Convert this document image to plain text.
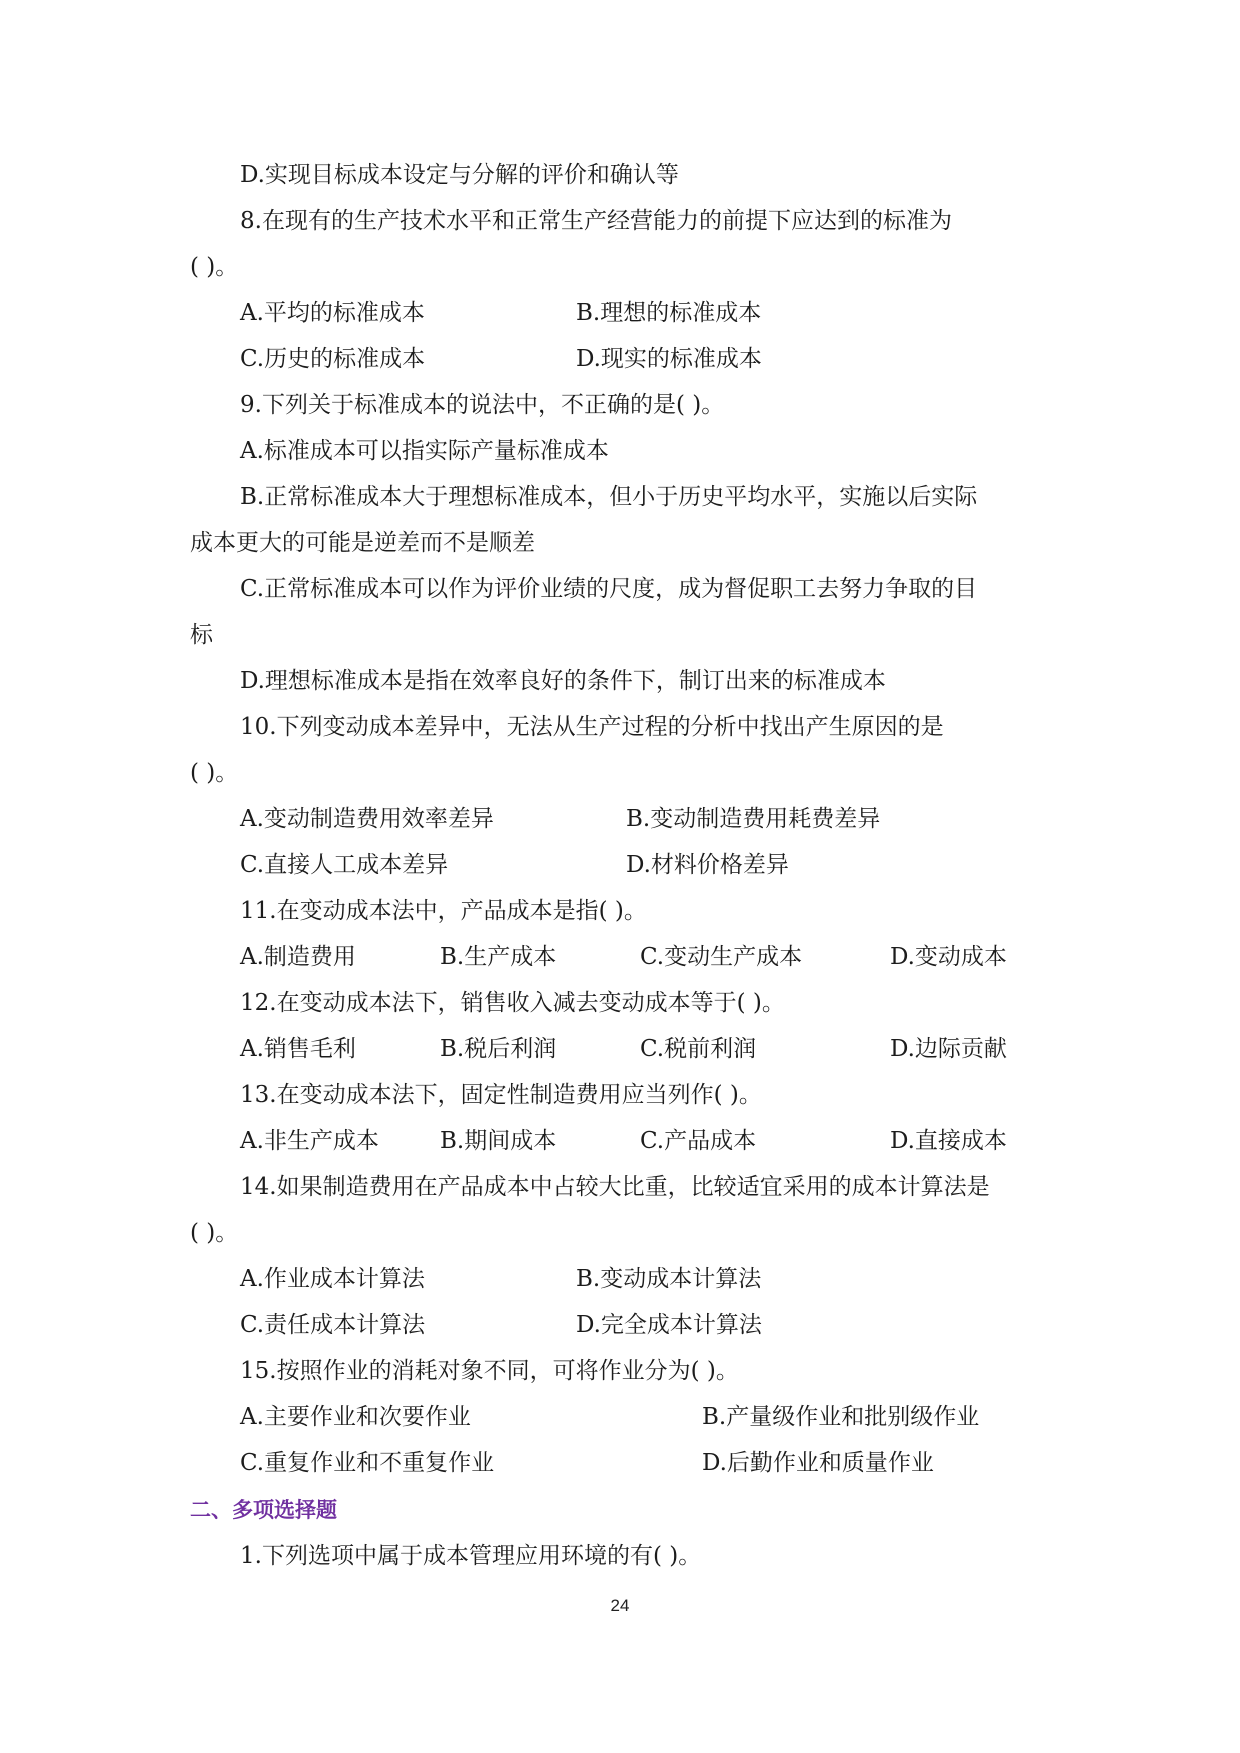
D.实现目标成本设定与分解的评价和确认等
8.在现有的生产技术水平和正常生产经营能力的前提下应达到的标准为
( )。
A.平均的标准成本	B.理想的标准成本
C.历史的标准成本	D.现实的标准成本
9.下列关于标准成本的说法中，不正确的是( )。
A.标准成本可以指实际产量标准成本
B.正常标准成本大于理想标准成本，但小于历史平均水平，实施以后实际
成本更大的可能是逆差而不是顺差
C.正常标准成本可以作为评价业绩的尺度，成为督促职工去努力争取的目
标
D.理想标准成本是指在效率良好的条件下，制订出来的标准成本
10.下列变动成本差异中，无法从生产过程的分析中找出产生原因的是
( )。
A.变动制造费用效率差异	B.变动制造费用耗费差异
C.直接人工成本差异	D.材料价格差异
11.在变动成本法中，产品成本是指( )。
A.制造费用	B.生产成本	C.变动生产成本	D.变动成本
12.在变动成本法下，销售收入减去变动成本等于( )。
A.销售毛利	B.税后利润	C.税前利润	D.边际贡献
13.在变动成本法下，固定性制造费用应当列作( )。
A.非生产成本	B.期间成本	C.产品成本	D.直接成本
14.如果制造费用在产品成本中占较大比重，比较适宜采用的成本计算法是
( )。
A.作业成本计算法	B.变动成本计算法
C.责任成本计算法	D.完全成本计算法
15.按照作业的消耗对象不同，可将作业分为( )。
A.主要作业和次要作业	B.产量级作业和批别级作业
C.重复作业和不重复作业	D.后勤作业和质量作业
二、多项选择题
1.下列选项中属于成本管理应用环境的有( )。
24
